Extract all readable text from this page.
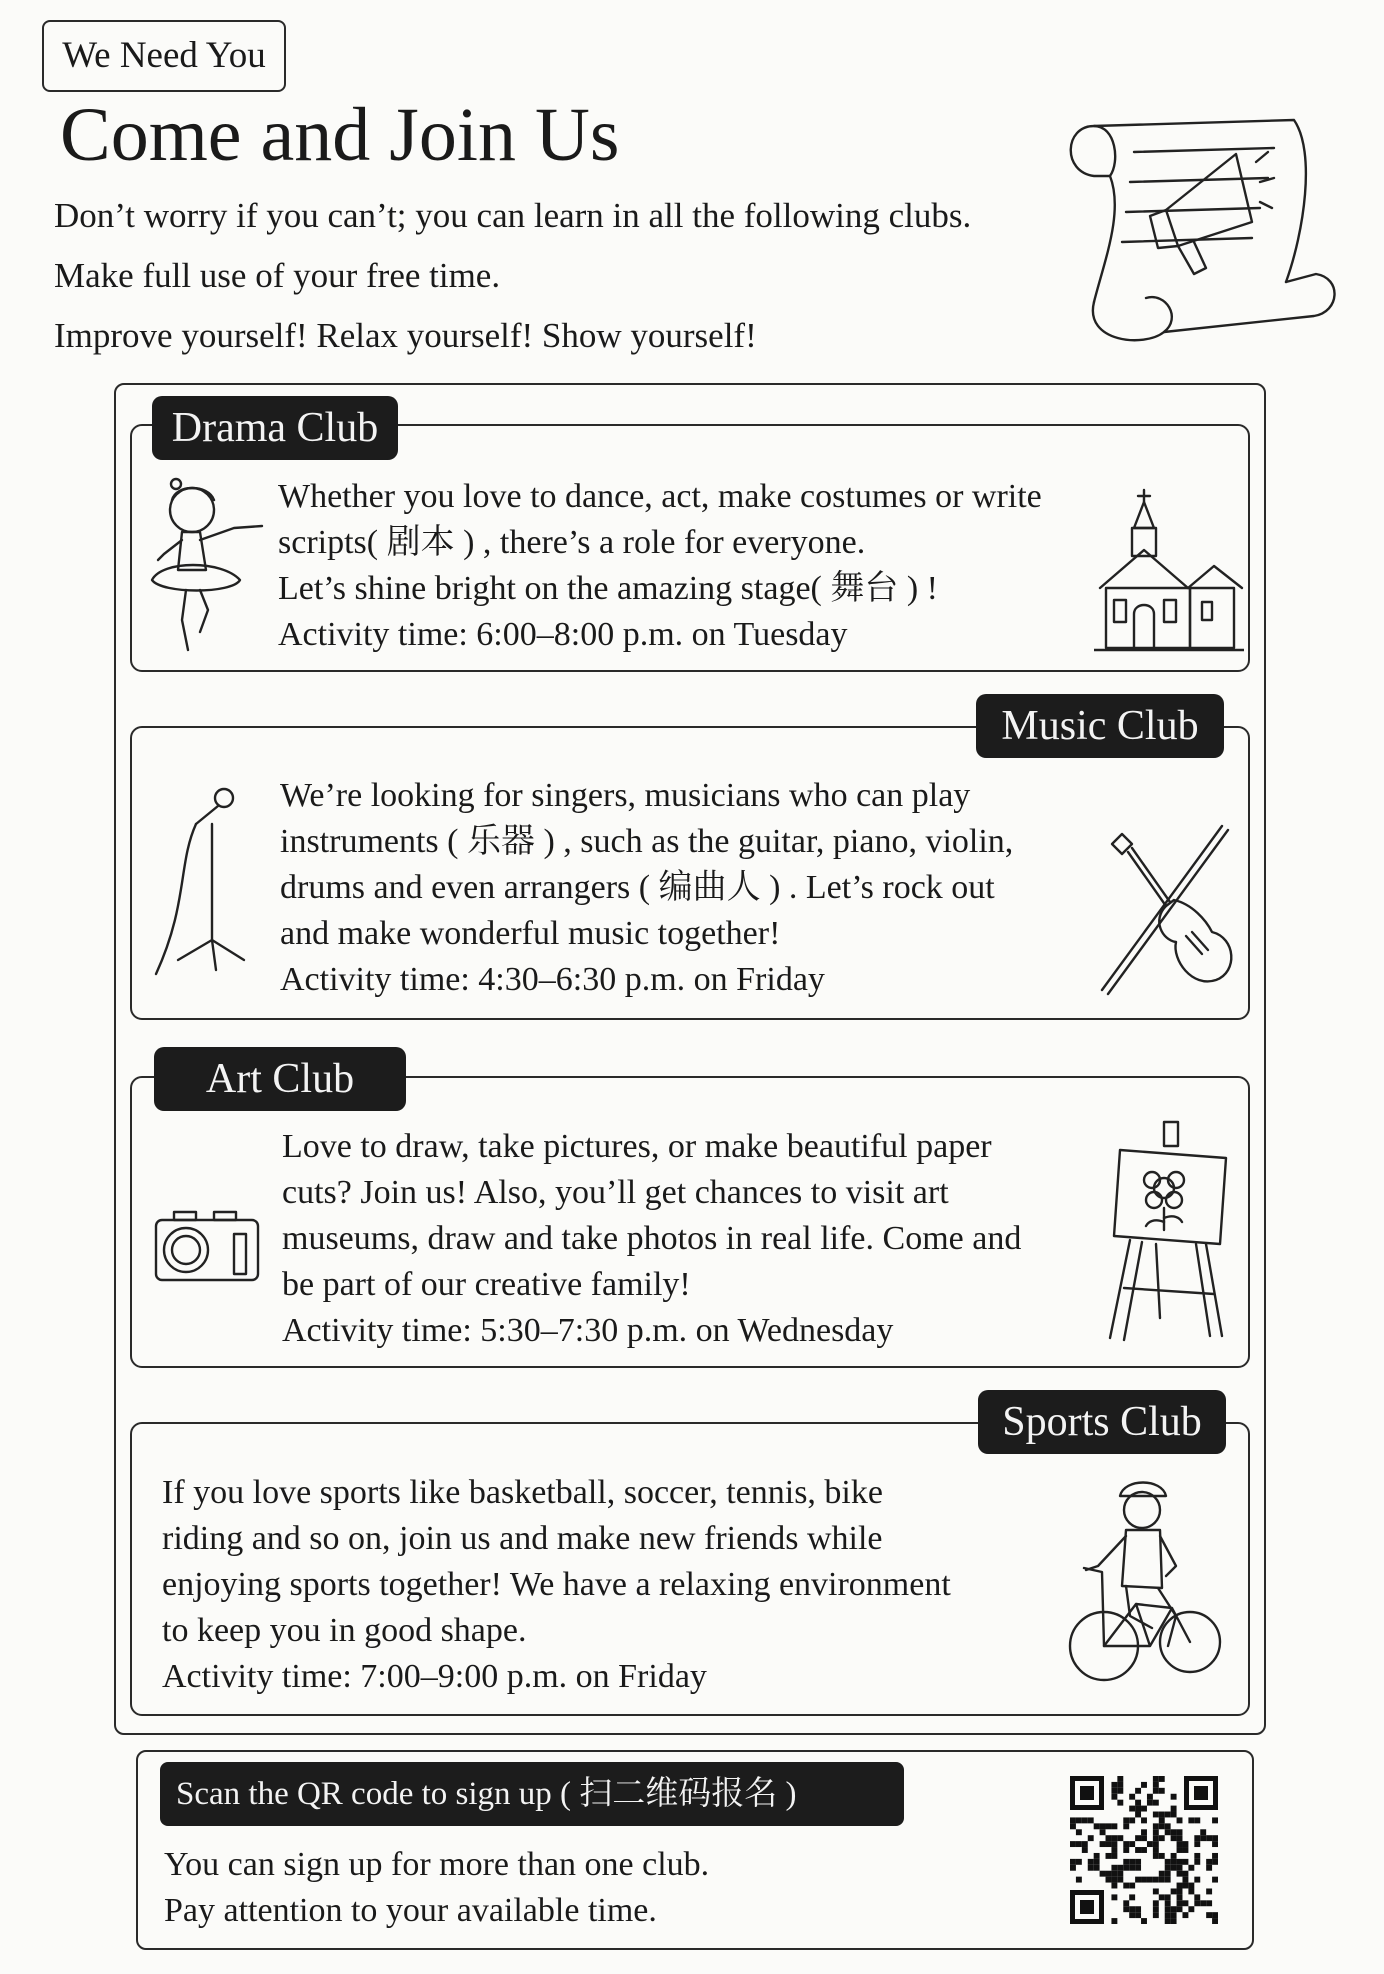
We Need You
Come and Join Us
Don’t worry if you can’t; you can learn in all the following clubs.
Make full use of your free time.
Improve yourself! Relax yourself! Show yourself!
Drama Club
Whether you love to dance, act, make costumes or write
scripts( 剧本 ) , there’s a role for everyone.
Let’s shine bright on the amazing stage( 舞台 ) !
Activity time: 6:00–8:00 p.m. on Tuesday
Music Club
We’re looking for singers, musicians who can play
instruments ( 乐器 ) , such as the guitar, piano, violin,
drums and even arrangers ( 编曲人 ) . Let’s rock out
and make wonderful music together!
Activity time: 4:30–6:30 p.m. on Friday
Art Club
Love to draw, take pictures, or make beautiful paper
cuts? Join us! Also, you’ll get chances to visit art
museums, draw and take photos in real life. Come and
be part of our creative family!
Activity time: 5:30–7:30 p.m. on Wednesday
Sports Club
If you love sports like basketball, soccer, tennis, bike
riding and so on, join us and make new friends while
enjoying sports together! We have a relaxing environment
to keep you in good shape.
Activity time: 7:00–9:00 p.m. on Friday
Scan the QR code to sign up ( 扫二维码报名 )
You can sign up for more than one club.
Pay attention to your available time.
